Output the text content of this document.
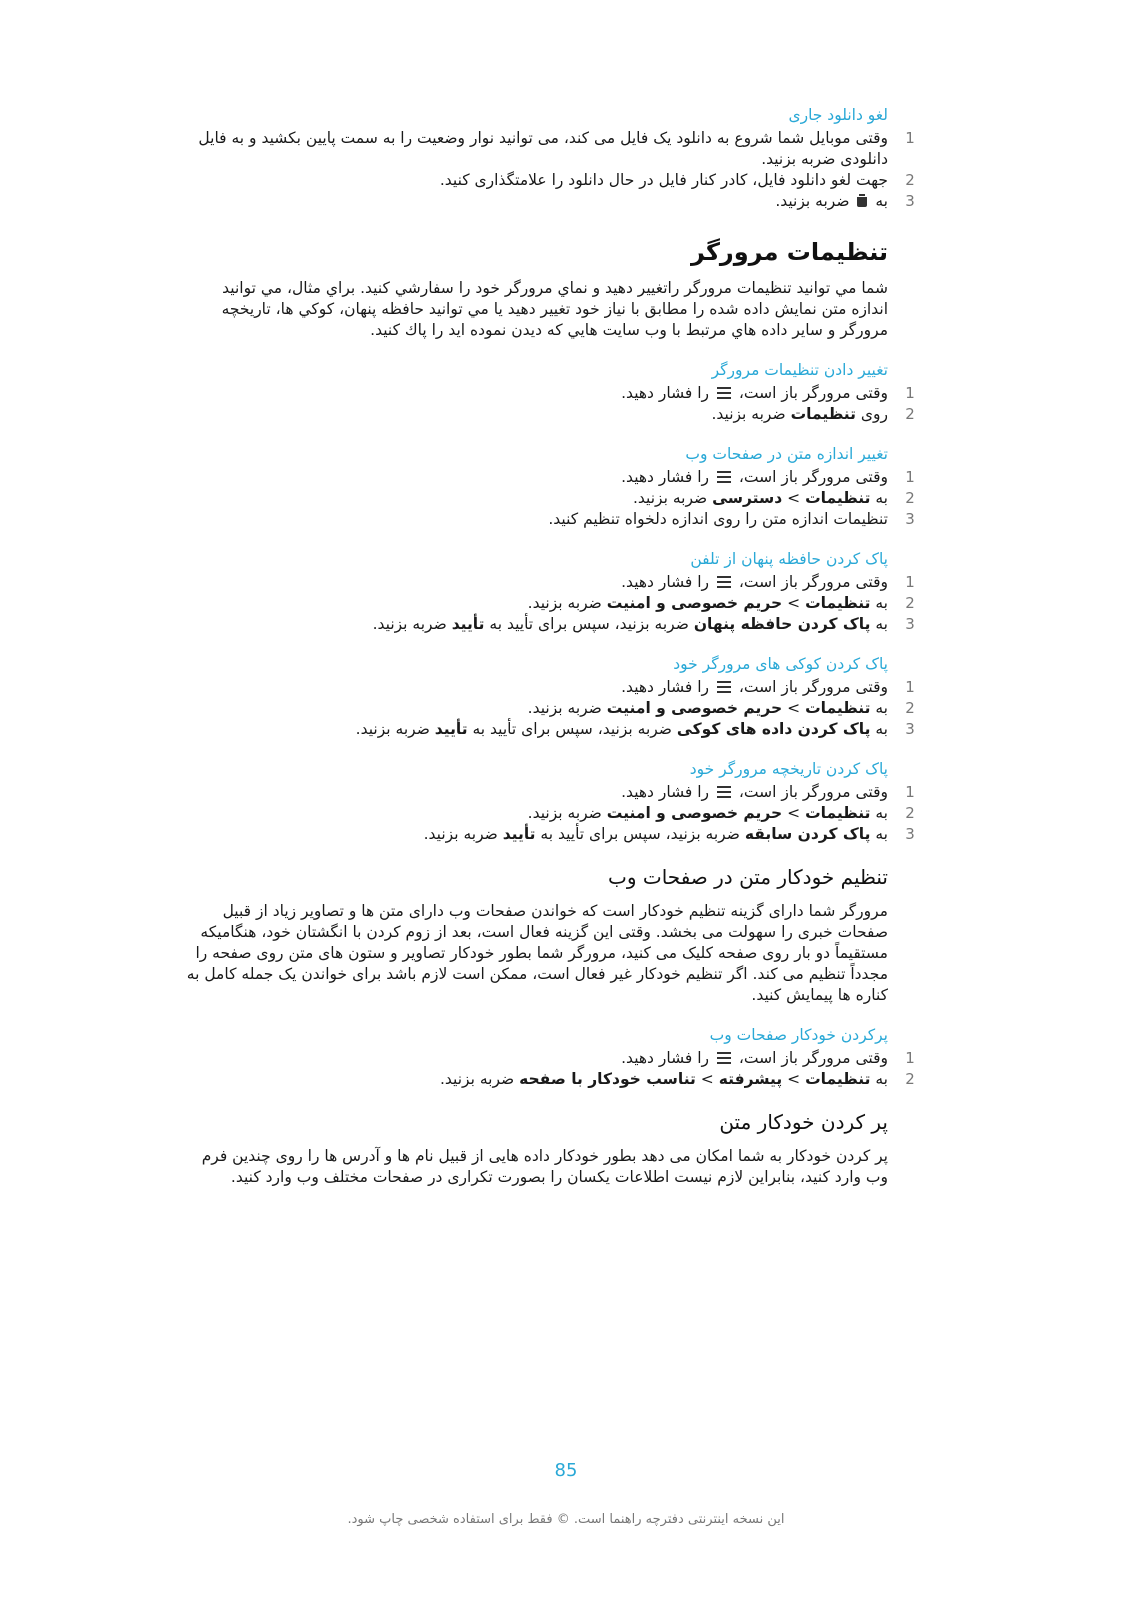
لغو دانلود جاری
1
وقتی موبایل شما شروع به دانلود یک فایل می کند، می توانید نوار وضعیت را به سمت پایین بکشید و به فایل دانلودی ضربه بزنید.
2
جهت لغو دانلود فایل، کادر کنار فایل در حال دانلود را علامتگذاری کنید.
3
به  ضربه بزنید.
تنظیمات مرورگر
شما مي توانيد تنظيمات مرورگر راتغيير دهيد و نماي مرورگر خود را سفارشي كنيد. براي مثال، مي توانيد اندازه متن نمايش داده شده را مطابق با نياز خود تغيير دهيد يا مي توانيد حافظه پنهان، كوكي ها، تاريخچه مرورگر و ساير داده هاي مرتبط با وب سايت هايي كه ديدن نموده ايد را پاك كنيد.
تغییر دادن تنظیمات مرورگر
1
وقتی مرورگر باز است،
را فشار دهید.
2
روی تنظیمات ضربه بزنید.
تغییر اندازه متن در صفحات وب
1
وقتی مرورگر باز است،
را فشار دهید.
2
به تنظیمات > دسترسی ضربه بزنید.
3
تنظیمات اندازه متن را روی اندازه دلخواه تنظیم کنید.
پاک کردن حافظه پنهان از تلفن
1
وقتی مرورگر باز است،
را فشار دهید.
2
به تنظیمات > حریم خصوصی و امنیت ضربه بزنید.
3
به پاک کردن حافظه پنهان ضربه بزنید، سپس برای تأیید به تأیید ضربه بزنید.
پاک کردن کوکی های مرورگر خود
1
وقتی مرورگر باز است،
را فشار دهید.
2
به تنظیمات > حریم خصوصی و امنیت ضربه بزنید.
3
به پاک کردن داده های کوکی ضربه بزنید، سپس برای تأیید به تأیید ضربه بزنید.
پاک کردن تاریخچه مرورگر خود
1
وقتی مرورگر باز است،
را فشار دهید.
2
به تنظیمات > حریم خصوصی و امنیت ضربه بزنید.
3
به پاک کردن سابقه ضربه بزنید، سپس برای تأیید به تأیید ضربه بزنید.
تنظیم خودکار متن در صفحات وب
مرورگر شما دارای گزینه تنظیم خودکار است که خواندن صفحات وب دارای متن ها و تصاویر زیاد از قبیل صفحات خبری را سهولت می بخشد. وقتی این گزینه فعال است، بعد از زوم کردن با انگشتان خود، هنگامیکه مستقیماً دو بار روی صفحه کلیک می کنید، مرورگر شما بطور خودکار تصاویر و ستون های متن روی صفحه را مجدداً تنظیم می کند. اگر تنظیم خودکار غیر فعال است، ممکن است لازم باشد برای خواندن یک جمله کامل به کناره ها پیمایش کنید.
پرکردن خودکار صفحات وب
1
وقتی مرورگر باز است،
را فشار دهید.
2
به تنظیمات > پیشرفته > تناسب خودکار با صفحه ضربه بزنید.
پر کردن خودکار متن
پر کردن خودکار به شما امکان می دهد بطور خودکار داده هایی از قبیل نام ها و آدرس ها را روی چندین فرم وب وارد کنید، بنابراین لازم نیست اطلاعات یکسان را بصورت تکراری در صفحات مختلف وب وارد کنید.
85
این نسخه اینترنتی دفترچه راهنما است. © فقط برای استفاده شخصی چاپ شود.
